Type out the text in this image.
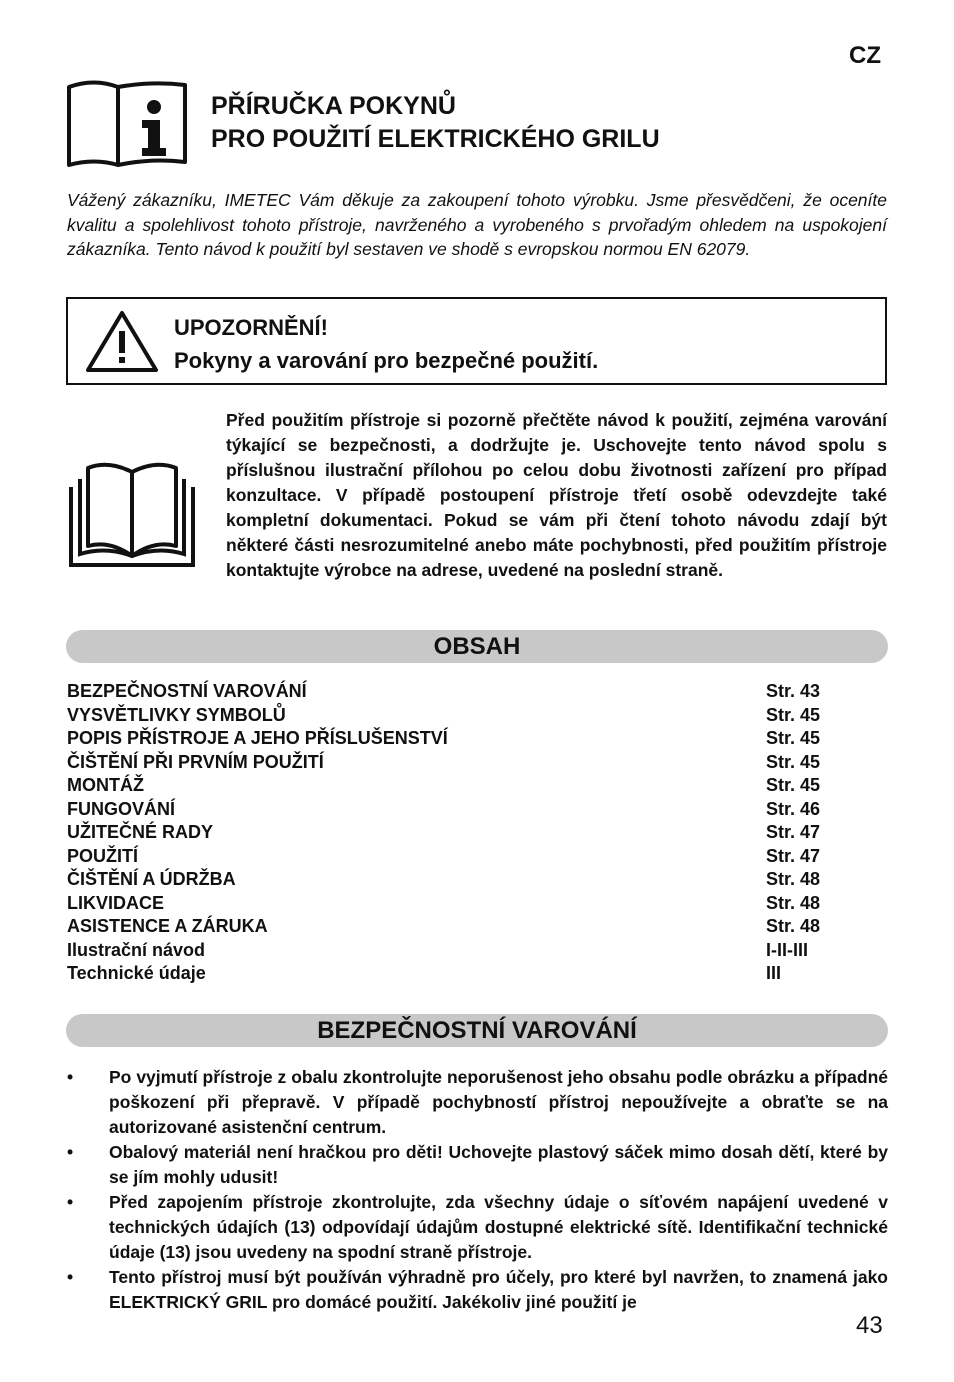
CZ
PŘÍRUČKA POKYNŮ
PRO POUŽITÍ ELEKTRICKÉHO GRILU
Vážený zákazníku, IMETEC Vám děkuje za zakoupení tohoto výrobku. Jsme přesvědčeni, že oceníte kvalitu a spolehlivost tohoto přístroje, navrženého a vyrobeného s prvořadým ohledem na uspokojení zákazníka. Tento návod k použití byl sestaven ve shodě s evropskou normou EN 62079.
UPOZORNĚNÍ!
Pokyny a varování pro bezpečné použití.
Před použitím přístroje si pozorně přečtěte návod k použití, zejména varování týkající se bezpečnosti, a dodržujte je. Uschovejte tento návod spolu s příslušnou ilustrační přílohou po celou dobu životnosti zařízení pro případ konzultace. V případě postoupení přístroje třetí osobě odevzdejte také kompletní dokumentaci. Pokud se vám při čtení tohoto návodu zdají být některé části nesrozumitelné anebo máte pochybnosti, před použitím přístroje kontaktujte výrobce na adrese, uvedené na poslední straně.
OBSAH
BEZPEČNOSTNÍ VAROVÁNÍ	Str. 43
VYSVĚTLIVKY SYMBOLŮ	Str. 45
POPIS PŘÍSTROJE A JEHO PŘÍSLUŠENSTVÍ	Str. 45
ČIŠTĚNÍ PŘI PRVNÍM POUŽITÍ	Str. 45
MONTÁŽ	Str. 45
FUNGOVÁNÍ	Str. 46
UŽITEČNÉ RADY	Str. 47
POUŽITÍ	Str. 47
ČIŠTĚNÍ A ÚDRŽBA	Str. 48
LIKVIDACE	Str. 48
ASISTENCE A ZÁRUKA	Str. 48
Ilustrační návod	I-II-III
Technické údaje	III
BEZPEČNOSTNÍ VAROVÁNÍ
• Po vyjmutí přístroje z obalu zkontrolujte neporušenost jeho obsahu podle obrázku a případné poškození při přepravě. V případě pochybností přístroj nepoužívejte a obraťte se na autorizované asistenční centrum.
• Obalový materiál není hračkou pro děti! Uchovejte plastový sáček mimo dosah dětí, které by se jím mohly udusit!
• Před zapojením přístroje zkontrolujte, zda všechny údaje o síťovém napájení uvedené v technických údajích (13) odpovídají údajům dostupné elektrické sítě. Identifikační technické údaje (13) jsou uvedeny na spodní straně přístroje.
• Tento přístroj musí být používán výhradně pro účely, pro které byl navržen, to znamená jako ELEKTRICKÝ GRIL pro domácé použití. Jakékoliv jiné použití je
43
